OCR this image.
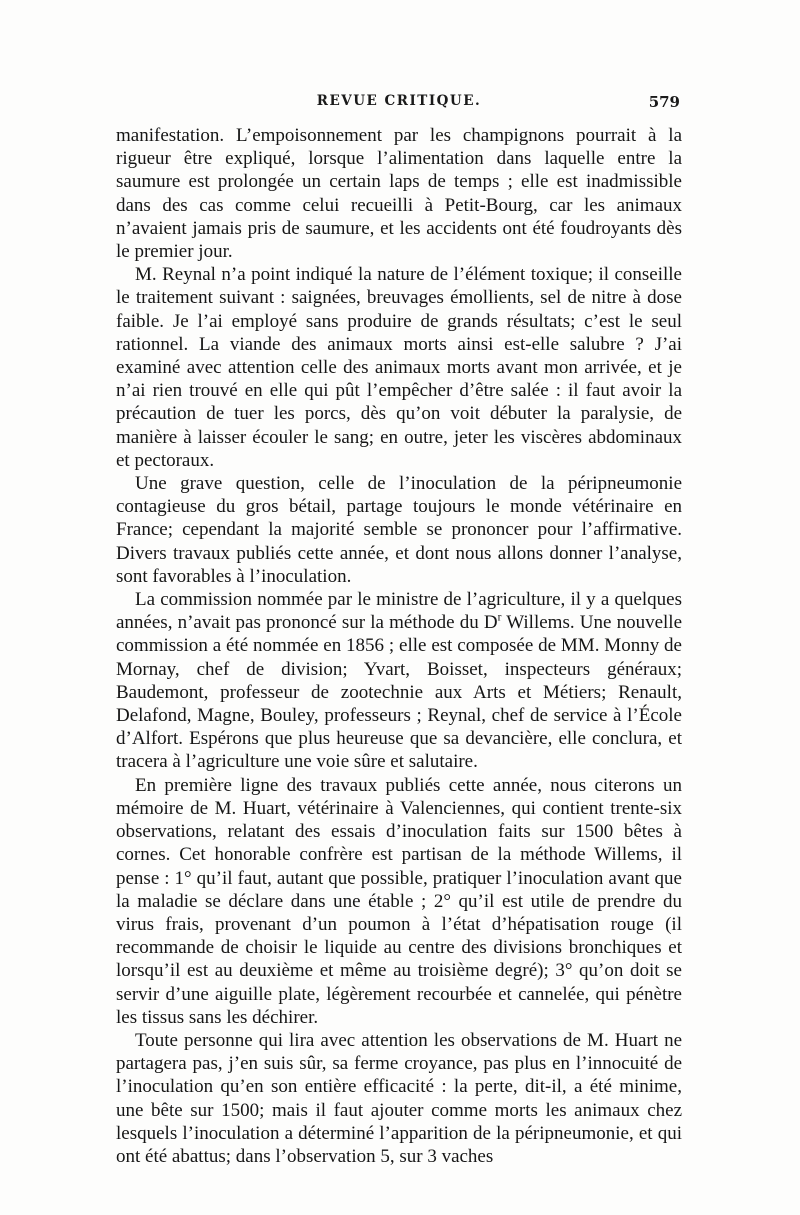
REVUE CRITIQUE.	579

manifestation. L’empoisonnement par les champignons pourrait à la rigueur être expliqué, lorsque l’alimentation dans laquelle entre la saumure est prolongée un certain laps de temps ; elle est inadmissible dans des cas comme celui recueilli à Petit-Bourg, car les animaux n’avaient jamais pris de saumure, et les accidents ont été foudroyants dès le premier jour.

M. Reynal n’a point indiqué la nature de l’élément toxique; il conseille le traitement suivant : saignées, breuvages émollients, sel de nitre à dose faible. Je l’ai employé sans produire de grands résultats; c’est le seul rationnel. La viande des animaux morts ainsi est-elle salubre ? J’ai examiné avec attention celle des animaux morts avant mon arrivée, et je n’ai rien trouvé en elle qui pût l’empêcher d’être salée : il faut avoir la précaution de tuer les porcs, dès qu’on voit débuter la paralysie, de manière à laisser écouler le sang; en outre, jeter les viscères abdominaux et pectoraux.

Une grave question, celle de l’inoculation de la péripneumonie contagieuse du gros bétail, partage toujours le monde vétérinaire en France; cependant la majorité semble se prononcer pour l’affirmative. Divers travaux publiés cette année, et dont nous allons donner l’analyse, sont favorables à l’inoculation.

La commission nommée par le ministre de l’agriculture, il y a quelques années, n’avait pas prononcé sur la méthode du $D^r$ Willems. Une nouvelle commission a été nommée en 1856 ; elle est composée de MM. Monny de Mornay, chef de division; Yvart, Boisset, inspecteurs généraux; Baudemont, professeur de zootechnie aux Arts et Métiers; Renault, Delafond, Magne, Bouley, professeurs ; Reynal, chef de service à l’École d’Alfort. Espérons que plus heureuse que sa devancière, elle conclura, et tracera à l’agriculture une voie sûre et salutaire.

En première ligne des travaux publiés cette année, nous citerons un mémoire de M. Huart, vétérinaire à Valenciennes, qui contient trente-six observations, relatant des essais d’inoculation faits sur 1500 bêtes à cornes. Cet honorable confrère est partisan de la méthode Willems, il pense : 1° qu’il faut, autant que possible, pratiquer l’inoculation avant que la maladie se déclare dans une étable ; 2° qu’il est utile de prendre du virus frais, provenant d’un poumon à l’état d’hépatisation rouge (il recommande de choisir le liquide au centre des divisions bronchiques et lorsqu’il est au deuxième et même au troisième degré); 3° qu’on doit se servir d’une aiguille plate, légèrement recourbée et cannelée, qui pénètre les tissus sans les déchirer.

Toute personne qui lira avec attention les observations de M. Huart ne partagera pas, j’en suis sûr, sa ferme croyance, pas plus en l’innocuité de l’inoculation qu’en son entière efficacité : la perte, dit-il, a été minime, une bête sur 1500; mais il faut ajouter comme morts les animaux chez lesquels l’inoculation a déterminé l’apparition de la péripneumonie, et qui ont été abattus; dans l’observation 5, sur 3 vaches
